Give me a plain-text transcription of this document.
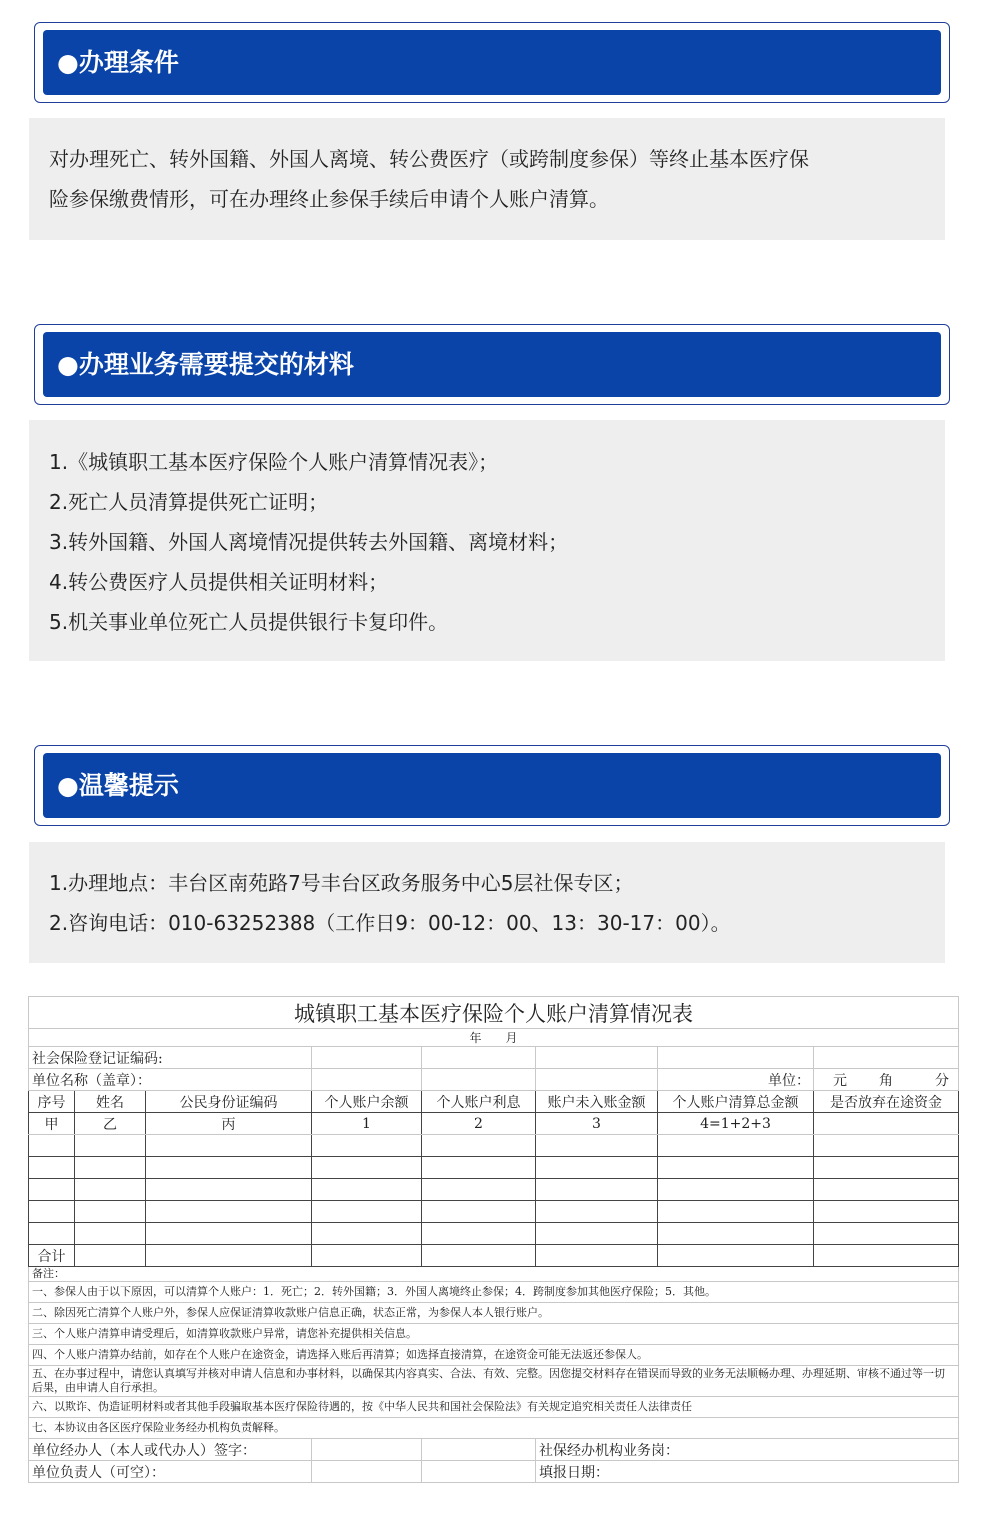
●办理条件

对办理死亡、转外国籍、外国人离境、转公费医疗（或跨制度参保）等终止基本医疗保

险参保缴费情形，可在办理终止参保手续后申请个人账户清算。

●办理业务需要提交的材料

1.《城镇职工基本医疗保险个人账户清算情况表》；

2.死亡人员清算提供死亡证明；

3.转外国籍、外国人离境情况提供转去外国籍、离境材料；

4.转公费医疗人员提供相关证明材料；

5.机关事业单位死亡人员提供银行卡复印件。

●温馨提示

1.办理地点：丰台区南苑路7号丰台区政务服务中心5层社保专区；

2.咨询电话：010-63252388（工作日9：00-12：00、13：30-17：00）。

城镇职工基本医疗保险个人账户清算情况表							
年　　月							
社会保险登记证编码:							
单位名称（盖章）：						单位：	元 角 分
序号	姓名	公民身份证编码	个人账户余额	个人账户利息	账户未入账金额	个人账户清算总金额	是否放弃在途资金
甲	乙	丙	1	2	3	4=1+2+3	

合计							
备注：							
一、参保人由于以下原因，可以清算个人账户：1．死亡；2．转外国籍；3．外国人离境终止参保；4．跨制度参加其他医疗保险；5．其他。							
二、除因死亡清算个人账户外，参保人应保证清算收款账户信息正确，状态正常，为参保人本人银行账户。							
三、个人账户清算申请受理后，如清算收款账户异常，请您补充提供相关信息。							
四、个人账户清算办结前，如存在个人账户在途资金，请选择入账后再清算；如选择直接清算，在途资金可能无法返还参保人。							
五、在办事过程中，请您认真填写并核对申请人信息和办事材料，以确保其内容真实、合法、有效、完整。因您提交材料存在错误而导致的业务无法顺畅办理、办理延期、审核不通过等一切后果，由申请人自行承担。							
六、以欺诈、伪造证明材料或者其他手段骗取基本医疗保险待遇的，按《中华人民共和国社会保险法》有关规定追究相关责任人法律责任							
七、本协议由各区医疗保险业务经办机构负责解释。							
单位经办人（本人或代办人）签字：					社保经办机构业务岗：		
单位负责人（可空）：					填报日期：		
